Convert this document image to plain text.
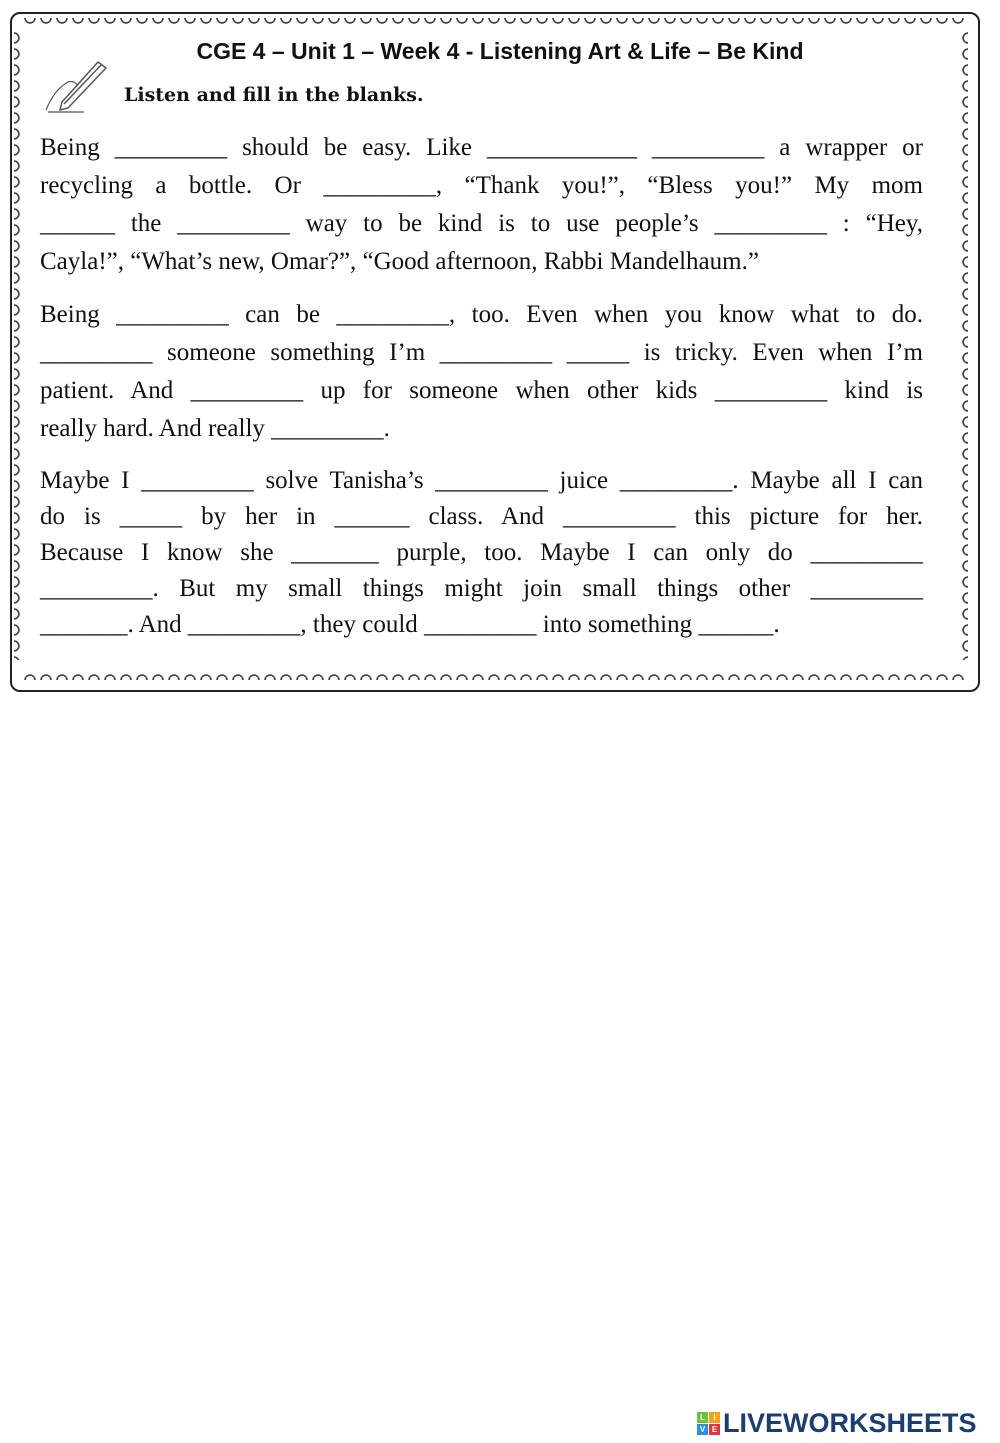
CGE 4 – Unit 1 – Week 4 - Listening Art & Life – Be Kind
Listen and fill in the blanks.
Being _________ should be easy. Like ____________ _________ a wrapper or
recycling a bottle. Or _________, “Thank you!”, “Bless you!” My mom
______ the _________ way to be kind is to use people’s _________ : “Hey,
Cayla!”, “What’s new, Omar?”, “Good afternoon, Rabbi Mandelhaum.”
Being _________ can be _________, too. Even when you know what to do.
_________ someone something I’m _________ _____ is tricky. Even when I’m
patient. And _________ up for someone when other kids _________ kind is
really hard. And really _________.
Maybe I _________ solve Tanisha’s _________ juice _________. Maybe all I can
do is _____ by her in ______ class. And _________ this picture for her.
Because I know she _______ purple, too. Maybe I can only do _________
_________. But my small things might join small things other _________
_______. And _________, they could _________ into something ______.
L	I
V E LIVEWORKSHEETS
